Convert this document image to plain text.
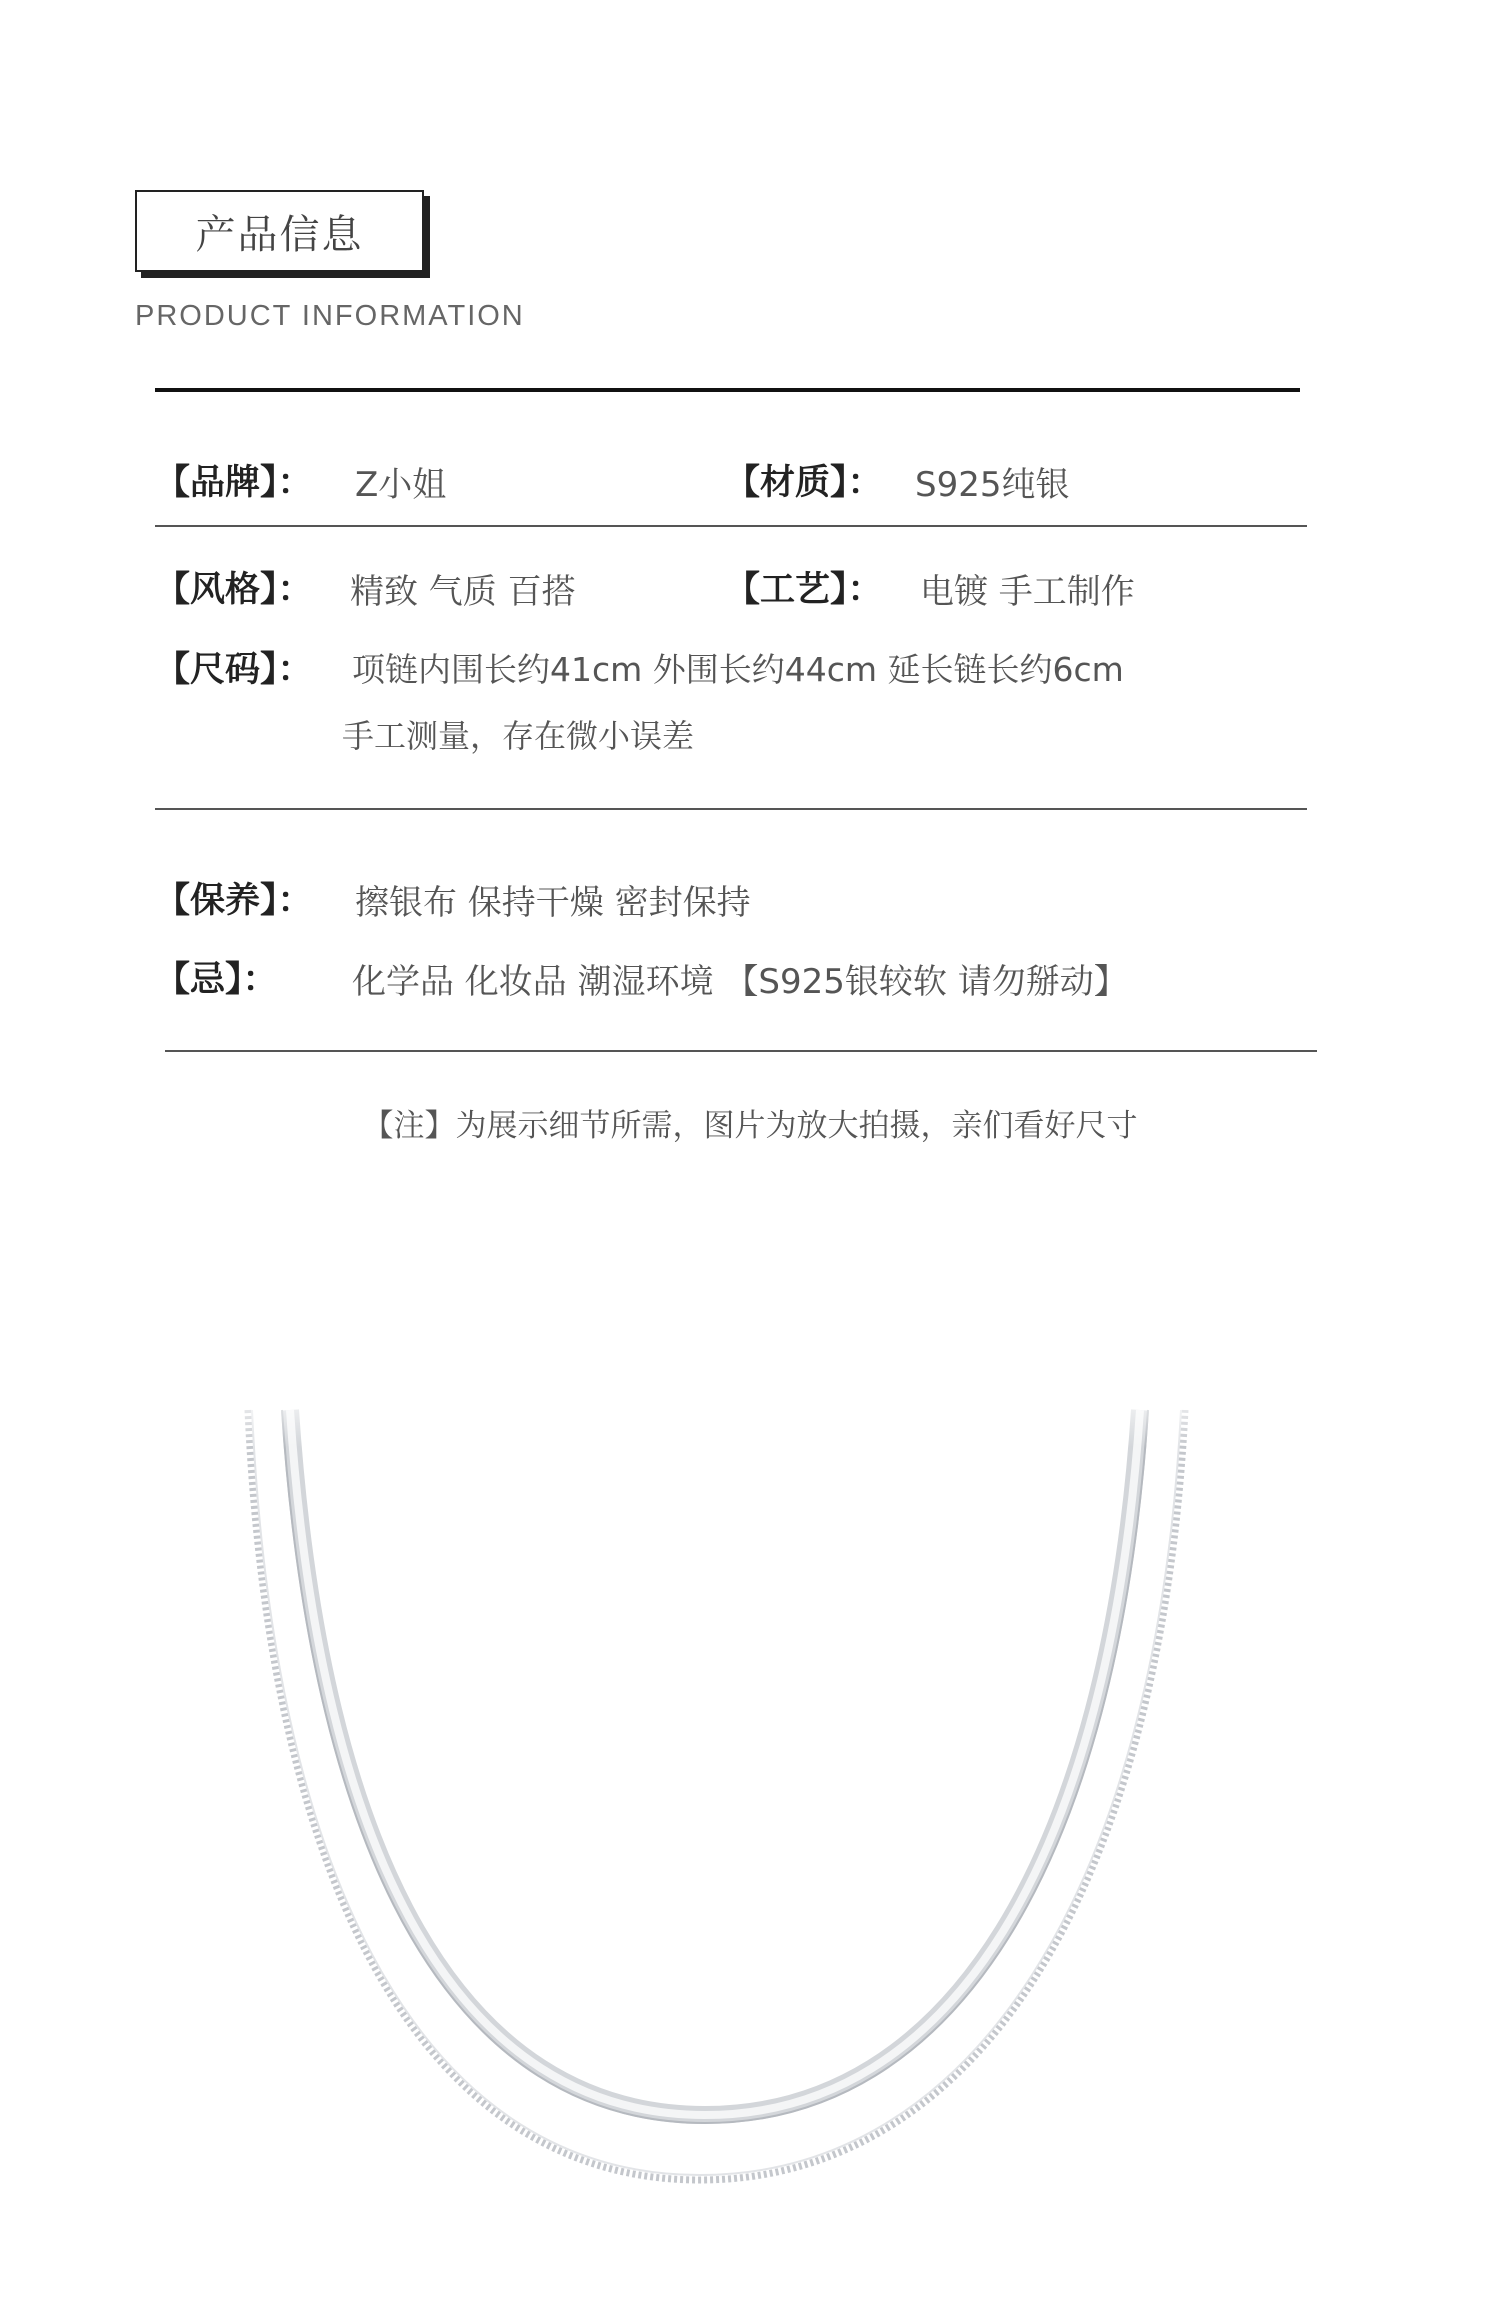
产品信息
PRODUCT INFORMATION
【品牌】： Z小姐	【材质】： S925纯银
【风格】： 精致 气质 百搭	【工艺】： 电镀 手工制作
【尺码】： 项链内围长约41cm 外围长约44cm 延长链长约6cm
手工测量，存在微小误差
【保养】： 擦银布 保持干燥 密封保持
【忌】： 化学品 化妆品 潮湿环境 【S925银较软 请勿掰动】
【注】为展示细节所需，图片为放大拍摄，亲们看好尺寸
